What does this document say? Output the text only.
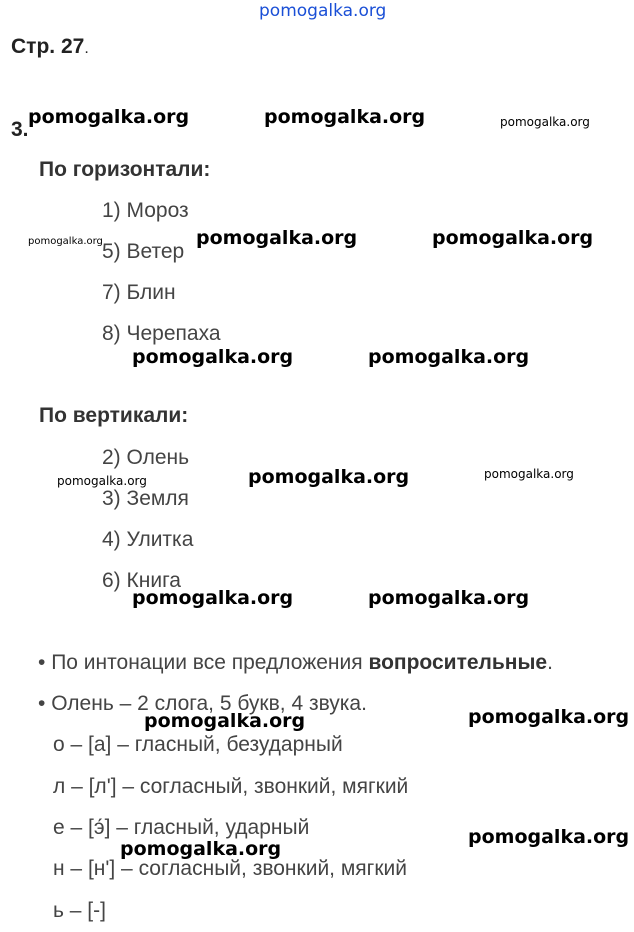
pomogalka.org
Стр. 27.
3.
pomogalka.org	pomogalka.org	pomogalka.org
По горизонтали:
1) Мороз
5) Ветер
7) Блин
8) Черепаха
pomogalka.org	pomogalka.org	pomogalka.org
pomogalka.org	pomogalka.org
По вертикали:
2) Олень
3) Земля
4) Улитка
6) Книга
pomogalka.org	pomogalka.org	pomogalka.org
pomogalka.org	pomogalka.org
• По интонации все предложения вопросительные.
• Олень – 2 слога, 5 букв, 4 звука.
о – [а] – гласный, безударный
л – [л'] – согласный, звонкий, мягкий
е – [э́] – гласный, ударный
н – [н'] – согласный, звонкий, мягкий
ь – [-]
pomogalka.org	pomogalka.org
pomogalka.org
pomogalka.org
